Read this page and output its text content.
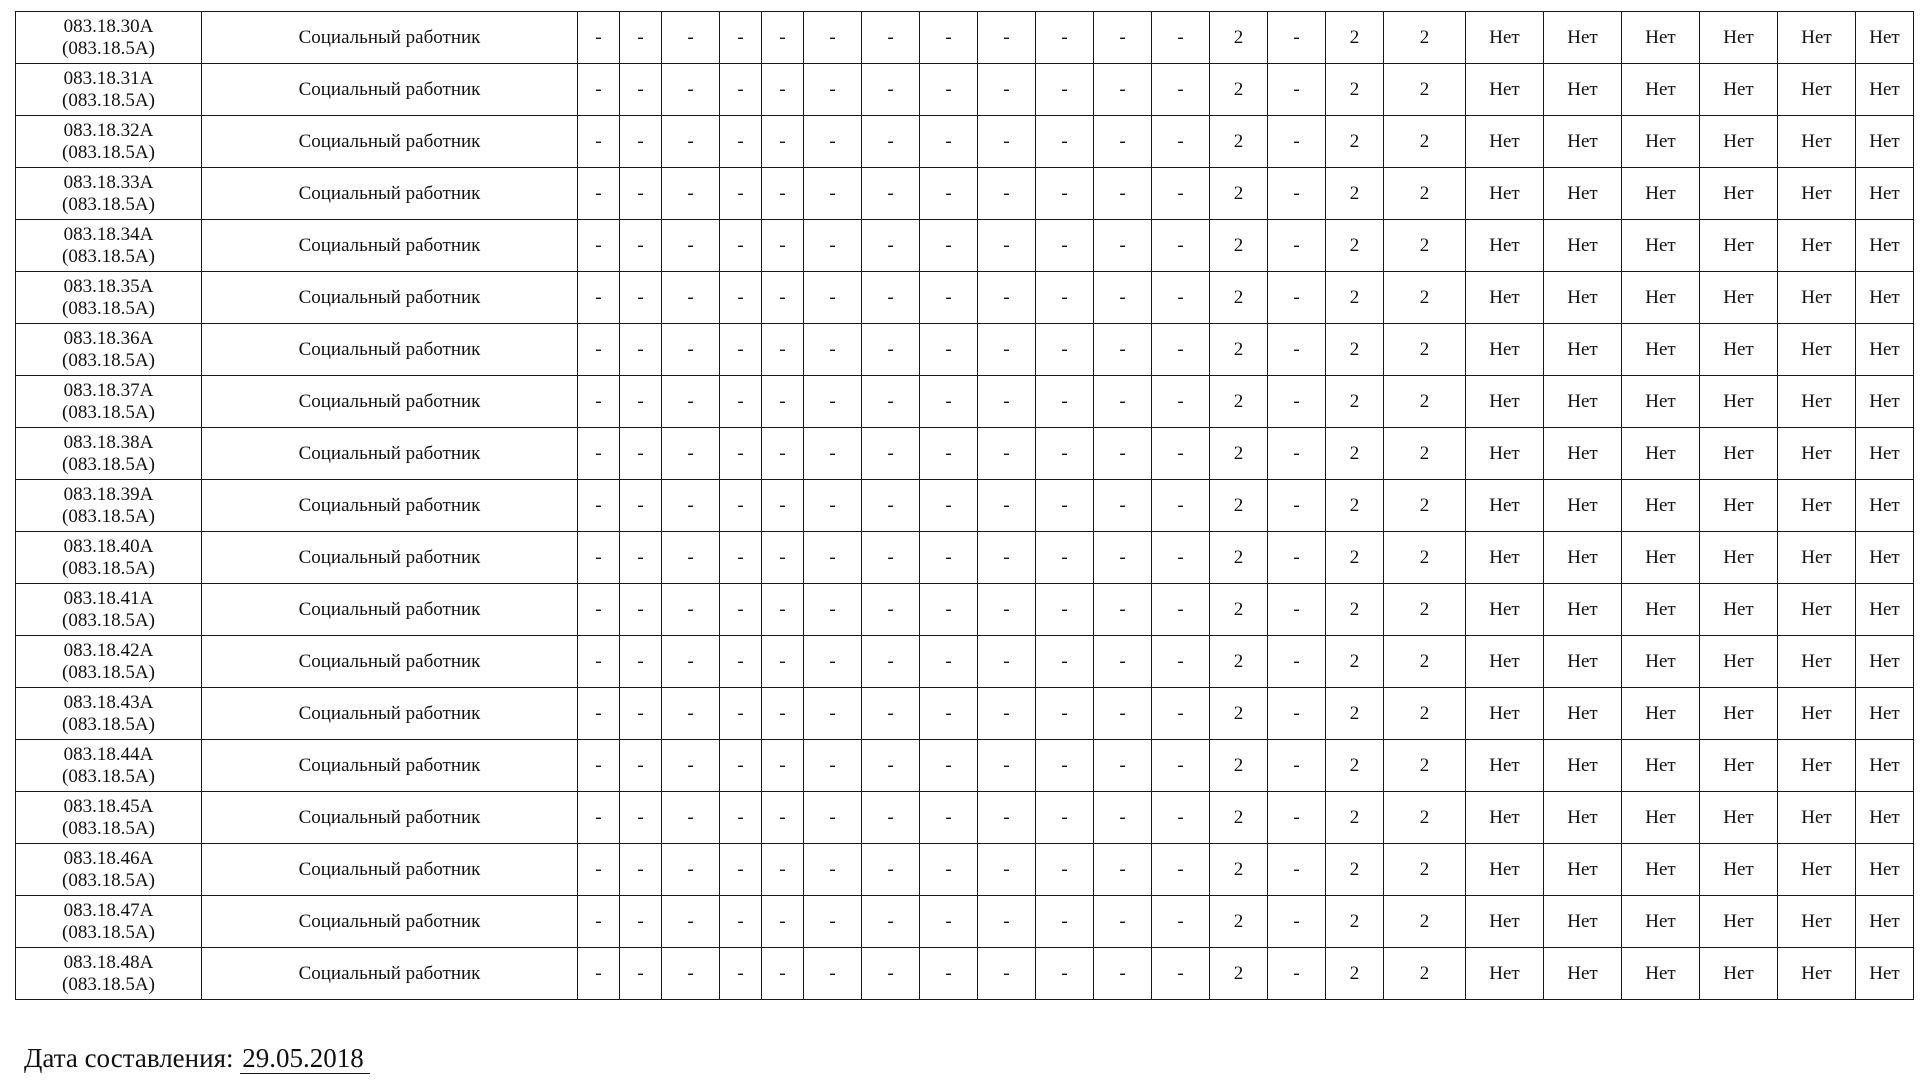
083.18.30А
(083.18.5А)	Социальный работник	-	-	-	-	-	-	-	-	-	-	-	-	2	-	2	2	Нет	Нет	Нет	Нет	Нет	Нет

083.18.31А
(083.18.5А)	Социальный работник	-	-	-	-	-	-	-	-	-	-	-	-	2	-	2	2	Нет	Нет	Нет	Нет	Нет	Нет

083.18.32А
(083.18.5А)	Социальный работник	-	-	-	-	-	-	-	-	-	-	-	-	2	-	2	2	Нет	Нет	Нет	Нет	Нет	Нет

083.18.33А
(083.18.5А)	Социальный работник	-	-	-	-	-	-	-	-	-	-	-	-	2	-	2	2	Нет	Нет	Нет	Нет	Нет	Нет

083.18.34А
(083.18.5А)	Социальный работник	-	-	-	-	-	-	-	-	-	-	-	-	2	-	2	2	Нет	Нет	Нет	Нет	Нет	Нет

083.18.35А
(083.18.5А)	Социальный работник	-	-	-	-	-	-	-	-	-	-	-	-	2	-	2	2	Нет	Нет	Нет	Нет	Нет	Нет

083.18.36А
(083.18.5А)	Социальный работник	-	-	-	-	-	-	-	-	-	-	-	-	2	-	2	2	Нет	Нет	Нет	Нет	Нет	Нет

083.18.37А
(083.18.5А)	Социальный работник	-	-	-	-	-	-	-	-	-	-	-	-	2	-	2	2	Нет	Нет	Нет	Нет	Нет	Нет

083.18.38А
(083.18.5А)	Социальный работник	-	-	-	-	-	-	-	-	-	-	-	-	2	-	2	2	Нет	Нет	Нет	Нет	Нет	Нет

083.18.39А
(083.18.5А)	Социальный работник	-	-	-	-	-	-	-	-	-	-	-	-	2	-	2	2	Нет	Нет	Нет	Нет	Нет	Нет

083.18.40А
(083.18.5А)	Социальный работник	-	-	-	-	-	-	-	-	-	-	-	-	2	-	2	2	Нет	Нет	Нет	Нет	Нет	Нет

083.18.41А
(083.18.5А)	Социальный работник	-	-	-	-	-	-	-	-	-	-	-	-	2	-	2	2	Нет	Нет	Нет	Нет	Нет	Нет

083.18.42А
(083.18.5А)	Социальный работник	-	-	-	-	-	-	-	-	-	-	-	-	2	-	2	2	Нет	Нет	Нет	Нет	Нет	Нет

083.18.43А
(083.18.5А)	Социальный работник	-	-	-	-	-	-	-	-	-	-	-	-	2	-	2	2	Нет	Нет	Нет	Нет	Нет	Нет

083.18.44А
(083.18.5А)	Социальный работник	-	-	-	-	-	-	-	-	-	-	-	-	2	-	2	2	Нет	Нет	Нет	Нет	Нет	Нет

083.18.45А
(083.18.5А)	Социальный работник	-	-	-	-	-	-	-	-	-	-	-	-	2	-	2	2	Нет	Нет	Нет	Нет	Нет	Нет

083.18.46А
(083.18.5А)	Социальный работник	-	-	-	-	-	-	-	-	-	-	-	-	2	-	2	2	Нет	Нет	Нет	Нет	Нет	Нет

083.18.47А
(083.18.5А)	Социальный работник	-	-	-	-	-	-	-	-	-	-	-	-	2	-	2	2	Нет	Нет	Нет	Нет	Нет	Нет

083.18.48А
(083.18.5А)	Социальный работник	-	-	-	-	-	-	-	-	-	-	-	-	2	-	2	2	Нет	Нет	Нет	Нет	Нет	Нет
Дата составления: 29.05.2018
